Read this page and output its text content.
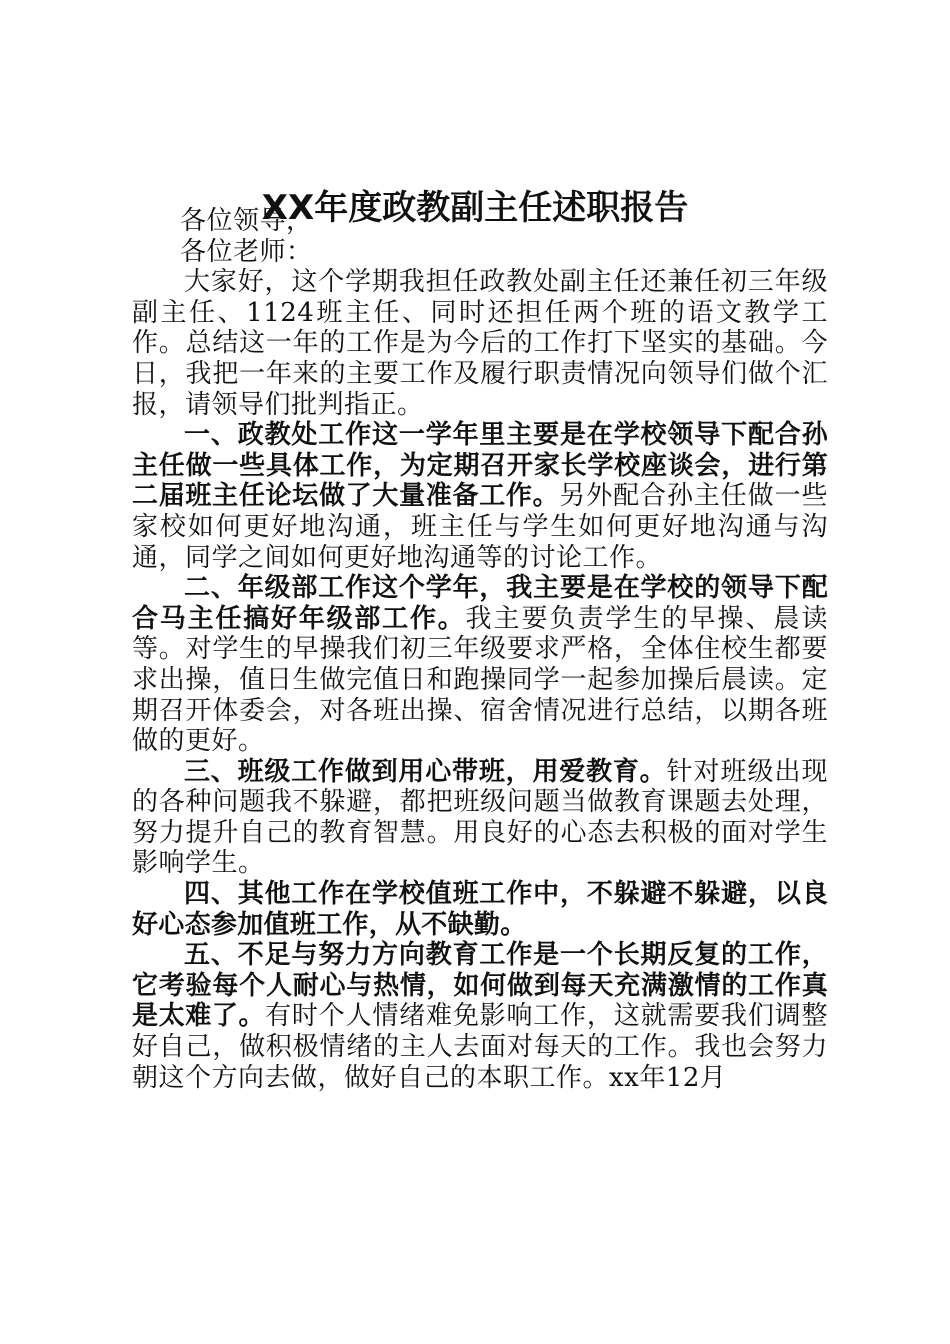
XX年度政教副主任述职报告

各位领导，

各位老师：

大家好，这个学期我担任政教处副主任还兼任初三年级副主任、1124班主任、同时还担任两个班的语文教学工作。总结这一年的工作是为今后的工作打下坚实的基础。今日，我把一年来的主要工作及履行职责情况向领导们做个汇报，请领导们批判指正。

一、政教处工作这一学年里主要是在学校领导下配合孙主任做一些具体工作，为定期召开家长学校座谈会，进行第二届班主任论坛做了大量准备工作。另外配合孙主任做一些家校如何更好地沟通，班主任与学生如何更好地沟通与沟通，同学之间如何更好地沟通等的讨论工作。

二、年级部工作这个学年，我主要是在学校的领导下配合马主任搞好年级部工作。我主要负责学生的早操、晨读等。对学生的早操我们初三年级要求严格，全体住校生都要求出操，值日生做完值日和跑操同学一起参加操后晨读。定期召开体委会，对各班出操、宿舍情况进行总结，以期各班做的更好。

三、班级工作做到用心带班，用爱教育。针对班级出现的各种问题我不躲避，都把班级问题当做教育课题去处理，努力提升自己的教育智慧。用良好的心态去积极的面对学生影响学生。

四、其他工作在学校值班工作中，不躲避不躲避，以良好心态参加值班工作，从不缺勤。

五、不足与努力方向教育工作是一个长期反复的工作，它考验每个人耐心与热情，如何做到每天充满激情的工作真是太难了。有时个人情绪难免影响工作，这就需要我们调整好自己，做积极情绪的主人去面对每天的工作。我也会努力朝这个方向去做，做好自己的本职工作。xx年12月
